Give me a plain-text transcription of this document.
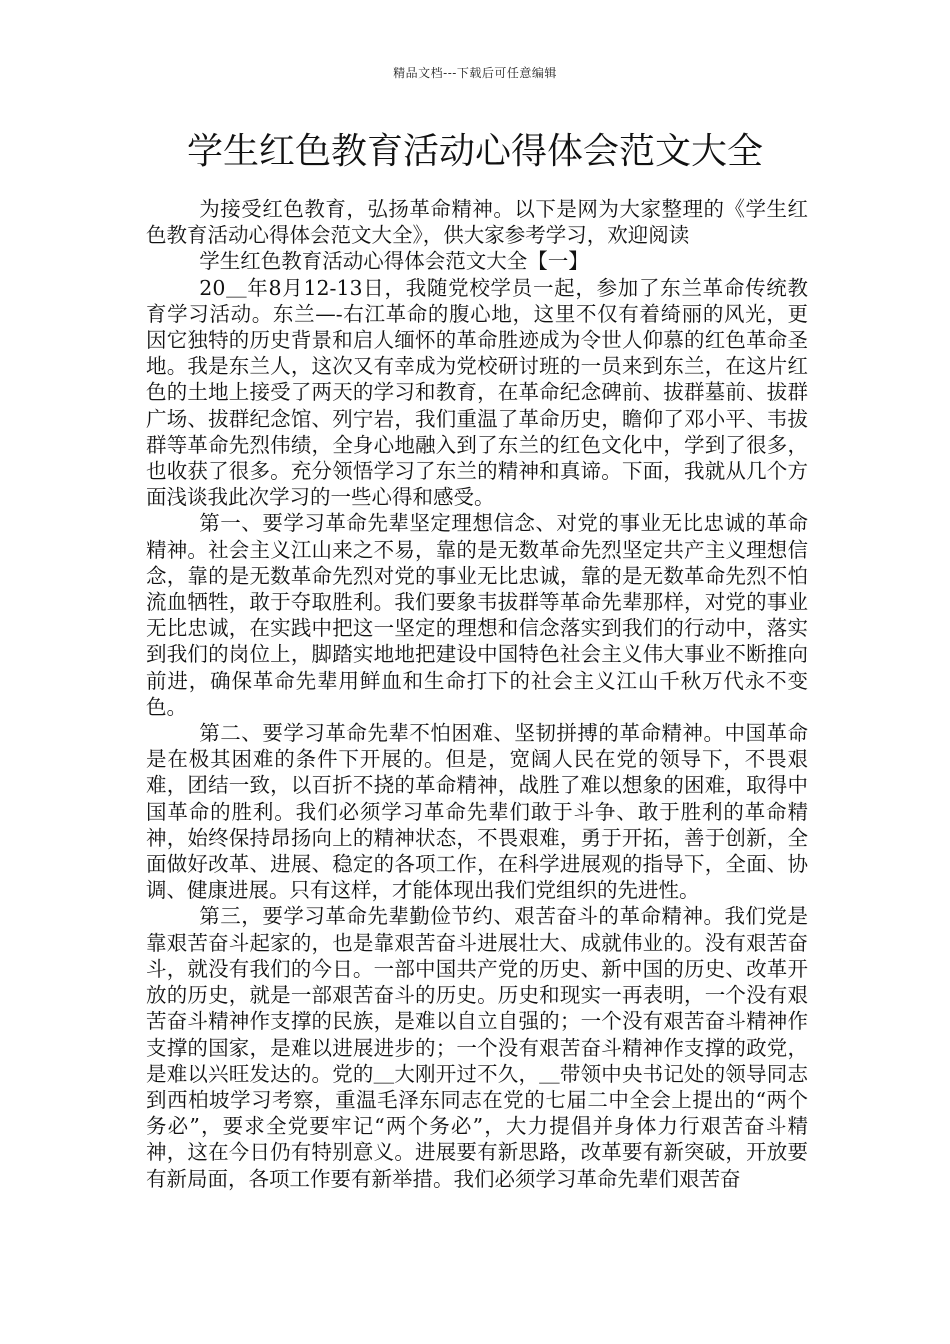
精品文档---下载后可任意编辑
学生红色教育活动心得体会范文大全

为接受红色教育，弘扬革命精神。以下是网为大家整理的《学生红色教育活动心得体会范文大全》，供大家参考学习，欢迎阅读

学生红色教育活动心得体会范文大全【一】

20＿年8月12-13日，我随党校学员一起，参加了东兰革命传统教育学习活动。东兰—-右江革命的腹心地，这里不仅有着绮丽的风光，更因它独特的历史背景和启人缅怀的革命胜迹成为令世人仰慕的红色革命圣地。我是东兰人，这次又有幸成为党校研讨班的一员来到东兰，在这片红色的土地上接受了两天的学习和教育，在革命纪念碑前、拔群墓前、拔群广场、拔群纪念馆、列宁岩，我们重温了革命历史，瞻仰了邓小平、韦拔群等革命先烈伟绩，全身心地融入到了东兰的红色文化中，学到了很多，也收获了很多。充分领悟学习了东兰的精神和真谛。下面，我就从几个方面浅谈我此次学习的一些心得和感受。

第一、要学习革命先辈坚定理想信念、对党的事业无比忠诚的革命精神。社会主义江山来之不易，靠的是无数革命先烈坚定共产主义理想信念，靠的是无数革命先烈对党的事业无比忠诚，靠的是无数革命先烈不怕流血牺牲，敢于夺取胜利。我们要象韦拔群等革命先辈那样，对党的事业无比忠诚，在实践中把这一坚定的理想和信念落实到我们的行动中，落实到我们的岗位上，脚踏实地地把建设中国特色社会主义伟大事业不断推向前进，确保革命先辈用鲜血和生命打下的社会主义江山千秋万代永不变色。

第二、要学习革命先辈不怕困难、坚韧拼搏的革命精神。中国革命是在极其困难的条件下开展的。但是，宽阔人民在党的领导下，不畏艰难，团结一致，以百折不挠的革命精神，战胜了难以想象的困难，取得中国革命的胜利。我们必须学习革命先辈们敢于斗争、敢于胜利的革命精神，始终保持昂扬向上的精神状态，不畏艰难，勇于开拓，善于创新，全面做好改革、进展、稳定的各项工作，在科学进展观的指导下，全面、协调、健康进展。只有这样，才能体现出我们党组织的先进性。

第三，要学习革命先辈勤俭节约、艰苦奋斗的革命精神。我们党是靠艰苦奋斗起家的，也是靠艰苦奋斗进展壮大、成就伟业的。没有艰苦奋斗，就没有我们的今日。一部中国共产党的历史、新中国的历史、改革开放的历史，就是一部艰苦奋斗的历史。历史和现实一再表明，一个没有艰苦奋斗精神作支撑的民族，是难以自立自强的；一个没有艰苦奋斗精神作支撑的国家，是难以进展进步的；一个没有艰苦奋斗精神作支撑的政党，是难以兴旺发达的。党的＿大刚开过不久，＿带领中央书记处的领导同志到西柏坡学习考察，重温毛泽东同志在党的七届二中全会上提出的“两个务必”，要求全党要牢记“两个务必”，大力提倡并身体力行艰苦奋斗精神，这在今日仍有特别意义。进展要有新思路，改革要有新突破，开放要有新局面，各项工作要有新举措。我们必须学习革命先辈们艰苦奋
